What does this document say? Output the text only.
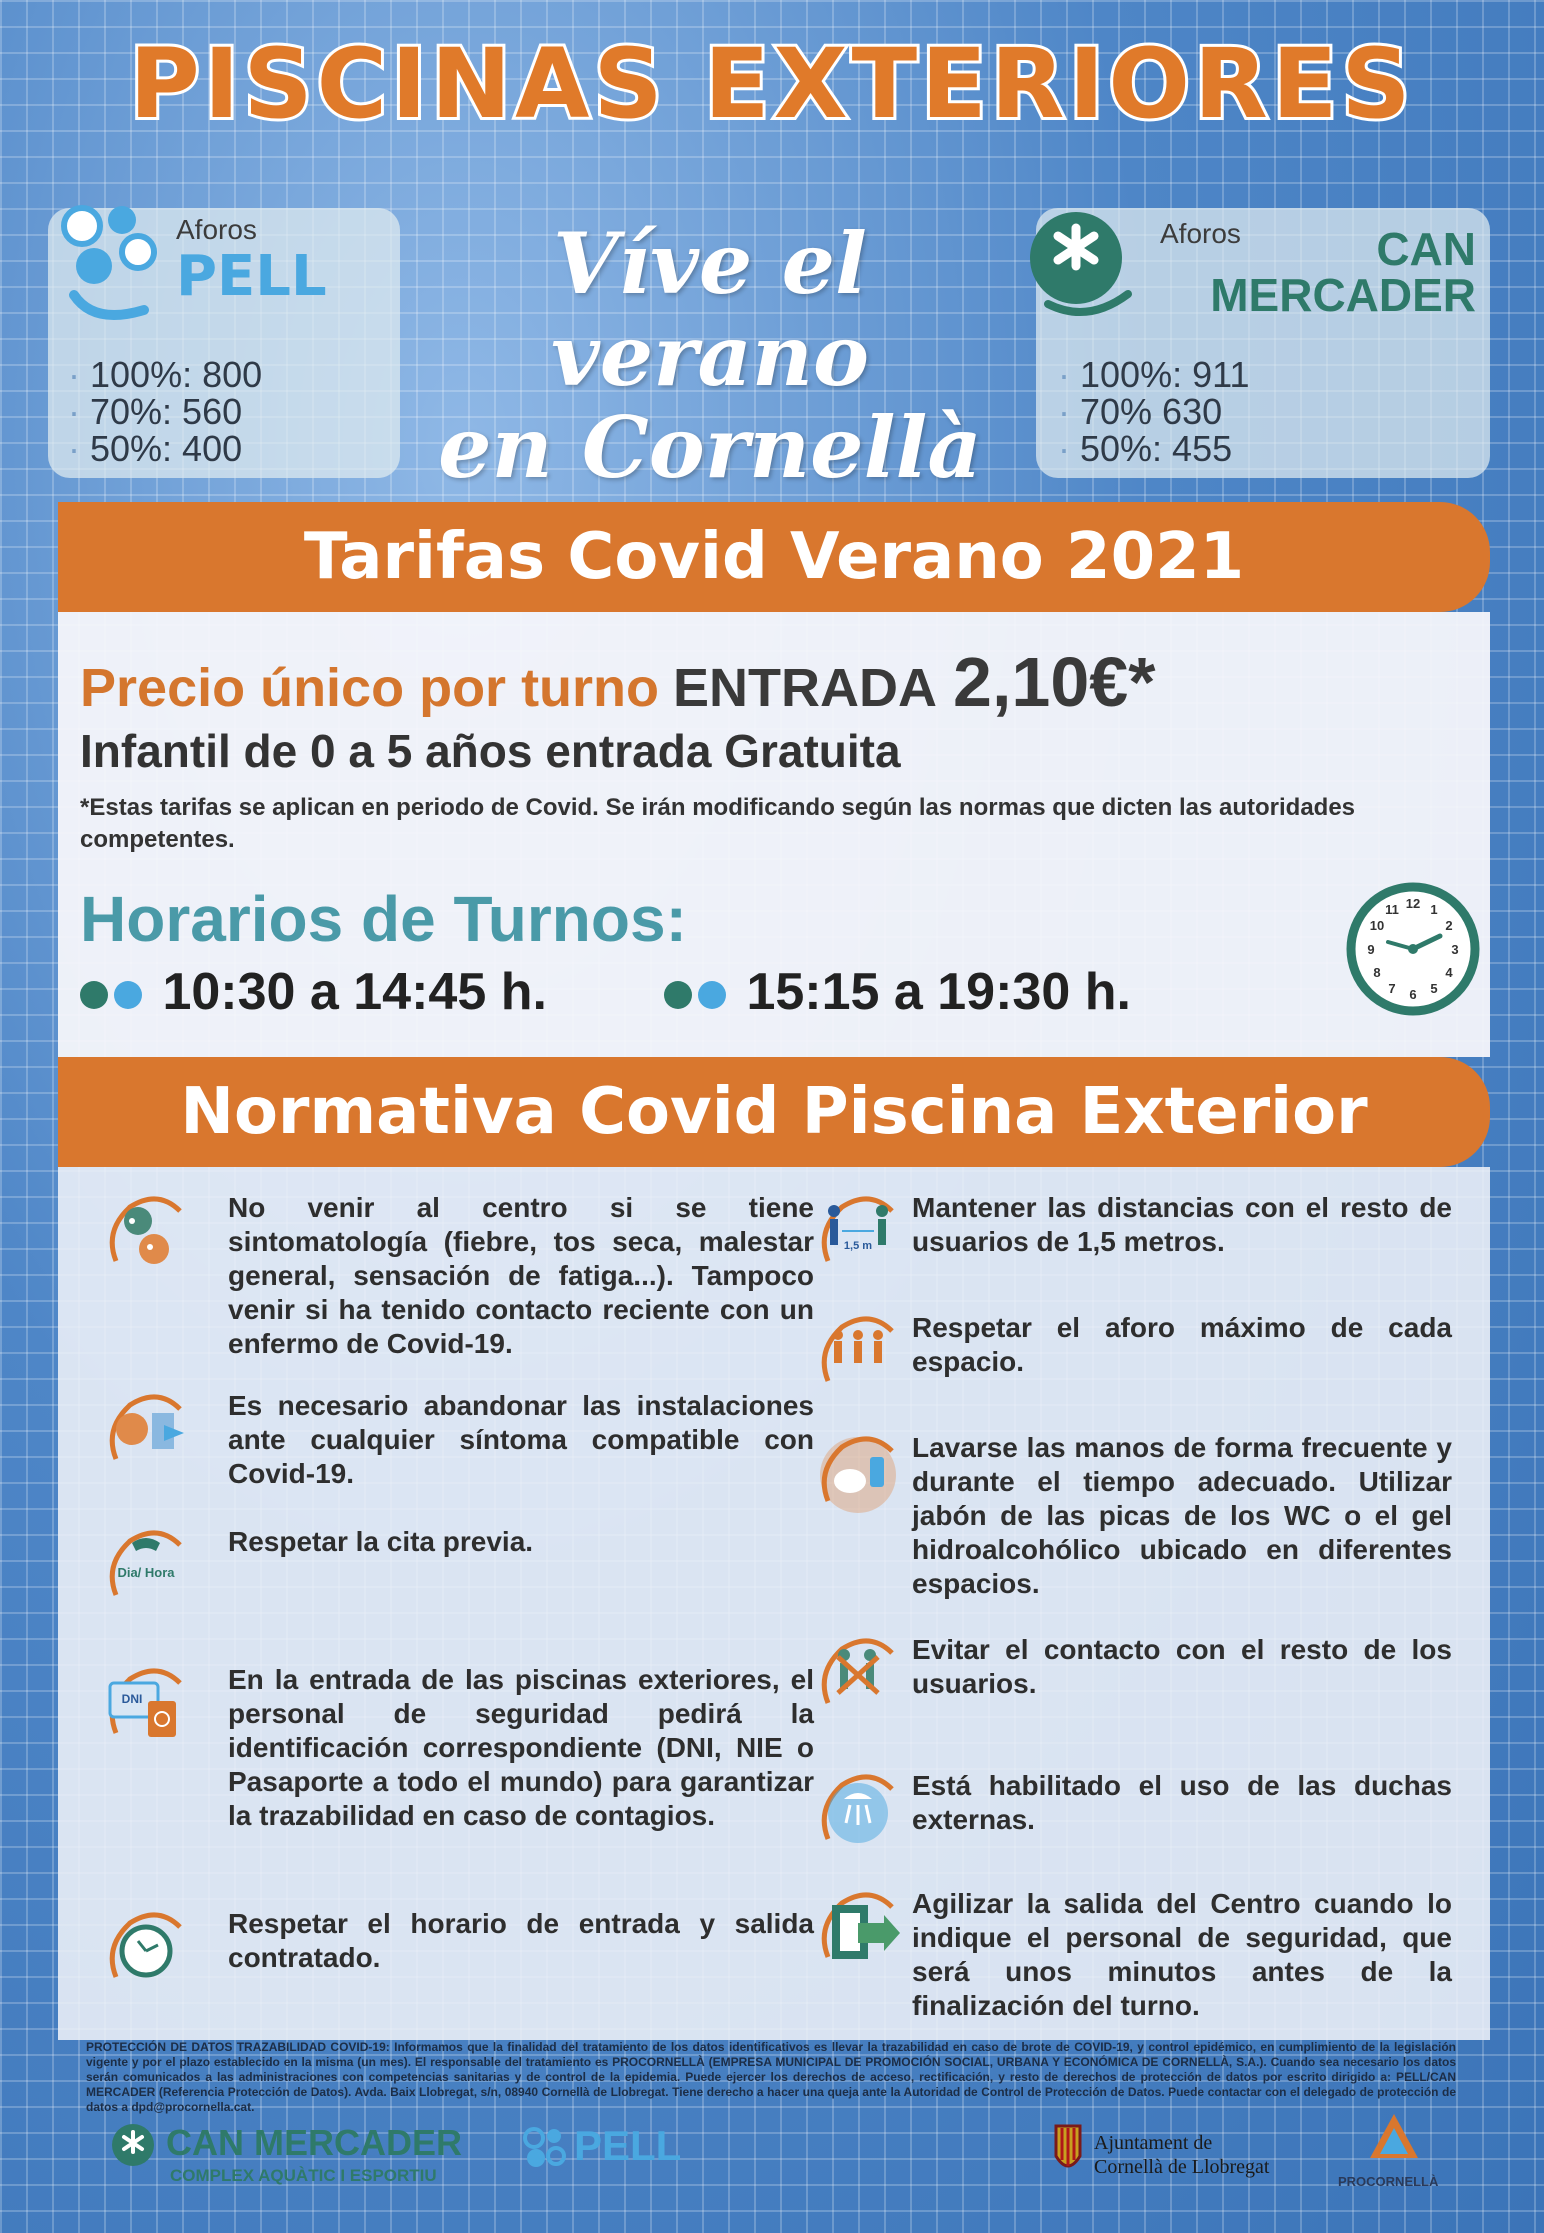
PISCINAS EXTERIORES
Aforos
PELL
· 100%: 800
· 70%: 560
· 50%: 400
Víve el verano
en Cornellà
Aforos	CAN
MERCADER
· 100%: 911
· 70% 630
· 50%: 455
Tarifas Covid Verano 2021
Precio único por turno ENTRADA 2,10€*
Infantil de 0 a 5 años entrada Gratuita
*Estas tarifas se aplican en periodo de Covid. Se irán modificando según las normas que dicten las autoridades competentes.
Horarios de Turnos:
10:30 a 14:45 h.	15:15 a 19:30 h.
12 1
2
3
4
5
6
7
8
9
10
11
Normativa Covid Piscina Exterior
No venir al centro si se tiene sintomatología (fiebre, tos seca, malestar general, sensación de fatiga...). Tampoco venir si ha tenido contacto reciente con un enfermo de Covid-19.
Es necesario abandonar las instalaciones ante cualquier síntoma compatible con Covid-19.
Dia/ Hora
Respetar la cita previa.
DNI
En la entrada de las piscinas exteriores, el personal de seguridad pedirá la identificación correspondiente (DNI, NIE o Pasaporte a todo el mundo) para garantizar la trazabilidad en caso de contagios.
Respetar el horario de entrada y salida contratado.
1,5 m
Mantener las distancias con el resto de usuarios de 1,5 metros.
Respetar el aforo máximo de cada espacio.
Lavarse las manos de forma frecuente y durante el tiempo adecuado. Utilizar jabón de las picas de los WC o el gel hidroalcohólico ubicado en diferentes espacios.
Evitar el contacto con el resto de los usuarios.
Está habilitado el uso de las duchas externas.
Agilizar la salida del Centro cuando lo indique el personal de seguridad, que será unos minutos antes de la finalización del turno.
PROTECCIÓN DE DATOS TRAZABILIDAD COVID-19: Informamos que la finalidad del tratamiento de los datos identificativos es llevar la trazabilidad en caso de brote de COVID-19, y control epidémico, en cumplimiento de la legislación vigente y por el plazo establecido en la misma (un mes). El responsable del tratamiento es PROCORNELLÀ (EMPRESA MUNICIPAL DE PROMOCIÓN SOCIAL, URBANA Y ECONÓMICA DE CORNELLÀ, S.A.). Cuando sea necesario los datos serán comunicados a las administraciones con competencias sanitarias y de control de la epidemia. Puede ejercer los derechos de acceso, rectificación, y resto de derechos de protección de datos por escrito dirigido a: PELL/CAN MERCADER (Referencia Protección de Datos). Avda. Baix Llobregat, s/n, 08940 Cornellà de Llobregat. Tiene derecho a hacer una queja ante la Autoridad de Control de Protección de Datos. Puede contactar con el delegado de protección de datos a dpd@procornella.cat.
CAN MERCADER
COMPLEX AQUÀTIC I ESPORTIU
PELL	Ajuntament de
Cornellà de Llobregat
PROCORNELLÀ
